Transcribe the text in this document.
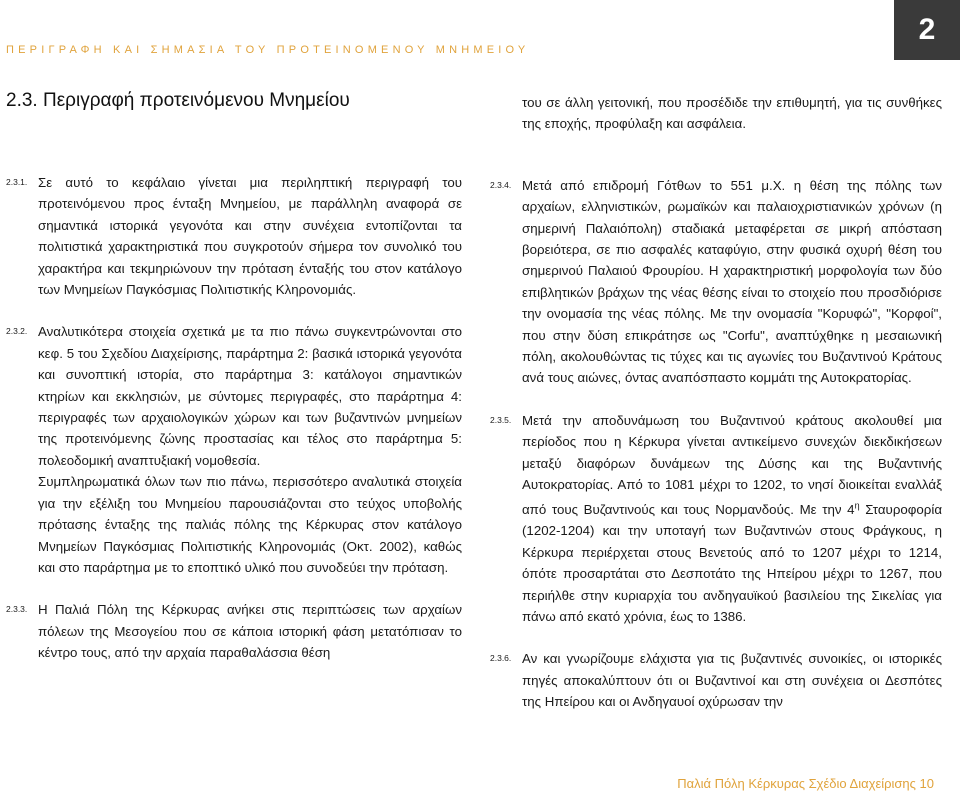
ΠΕΡΙΓΡΑΦΗ ΚΑΙ ΣΗΜΑΣΙΑ ΤΟΥ ΠΡΟΤΕΙΝΟΜΕΝΟΥ ΜΝΗΜΕΙΟΥ
2
2.3. Περιγραφή προτεινόμενου Μνημείου
2.3.1. Σε αυτό το κεφάλαιο γίνεται μια περιληπτική περιγραφή του προτεινόμενου προς ένταξη Μνημείου, με παράλληλη αναφορά σε σημαντικά ιστορικά γεγονότα και στην συνέχεια εντοπίζονται τα πολιτιστικά χαρακτηριστικά που συγκροτούν σήμερα τον συνολικό του χαρακτήρα και τεκμηριώνουν την πρόταση ένταξής του στον κατάλογο των Μνημείων Παγκόσμιας Πολιτιστικής Κληρονομιάς.
2.3.2. Αναλυτικότερα στοιχεία σχετικά με τα πιο πάνω συγκεντρώνονται στο κεφ. 5 του Σχεδίου Διαχείρισης, παράρτημα 2: βασικά ιστορικά γεγονότα και συνοπτική ιστορία, στο παράρτημα 3: κατάλογοι σημαντικών κτηρίων και εκκλησιών, με σύντομες περιγραφές, στο παράρτημα 4: περιγραφές των αρχαιολογικών χώρων και των βυζαντινών μνημείων της προτεινόμενης ζώνης προστασίας και τέλος στο παράρτημα 5: πολεοδομική αναπτυξιακή νομοθεσία.
Συμπληρωματικά όλων των πιο πάνω, περισσότερο αναλυτικά στοιχεία για την εξέλιξη του Μνημείου παρουσιάζονται στο τεύχος υποβολής πρότασης ένταξης της παλιάς πόλης της Κέρκυρας στον κατάλογο Μνημείων Παγκόσμιας Πολιτιστικής Κληρονομιάς (Οκτ. 2002), καθώς και στο παράρτημα με το εποπτικό υλικό που συνοδεύει την πρόταση.
2.3.3. Η Παλιά Πόλη της Κέρκυρας ανήκει στις περιπτώσεις των αρχαίων πόλεων της Μεσογείου που σε κάποια ιστορική φάση μετατόπισαν το κέντρο τους, από την αρχαία παραθαλάσσια θέση
του σε άλλη γειτονική, που προσέδιδε την επιθυμητή, για τις συνθήκες της εποχής, προφύλαξη και ασφάλεια.
2.3.4. Μετά από επιδρομή Γότθων το 551 μ.Χ. η θέση της πόλης των αρχαίων, ελληνιστικών, ρωμαϊκών και παλαιοχριστιανικών χρόνων (η σημερινή Παλαιόπολη) σταδιακά μεταφέρεται σε μικρή απόσταση βορειότερα, σε πιο ασφαλές καταφύγιο, στην φυσικά οχυρή θέση του σημερινού Παλαιού Φρουρίου. Η χαρακτηριστική μορφολογία των δύο επιβλητικών βράχων της νέας θέσης είναι το στοιχείο που προσδιόρισε την ονομασία της νέας πόλης. Με την ονομασία "Κορυφώ", "Κορφοί", που στην δύση επικράτησε ως "Corfu", αναπτύχθηκε η μεσαιωνική πόλη, ακολουθώντας τις τύχες και τις αγωνίες του Βυζαντινού Κράτους ανά τους αιώνες, όντας αναπόσπαστο κομμάτι της Αυτοκρατορίας.
2.3.5. Μετά την αποδυνάμωση του Βυζαντινού κράτους ακολουθεί μια περίοδος που η Κέρκυρα γίνεται αντικείμενο συνεχών διεκδικήσεων μεταξύ διαφόρων δυνάμεων της Δύσης και της Βυζαντινής Αυτοκρατορίας. Από το 1081 μέχρι το 1202, το νησί διοικείται εναλλάξ από τους Βυζαντινούς και τους Νορμανδούς. Με την $4^\eta$ Σταυροφορία (1202-1204) και την υποταγή των Βυζαντινών στους Φράγκους, η Κέρκυρα περιέρχεται στους Βενετούς από το 1207 μέχρι το 1214, όπότε προσαρτάται στο Δεσποτάτο της Ηπείρου μέχρι το 1267, που περιήλθε στην κυριαρχία του ανδηγαυϊκού βασιλείου της Σικελίας για πάνω από εκατό χρόνια, έως το 1386.
2.3.6. Αν και γνωρίζουμε ελάχιστα για τις βυζαντινές συνοικίες, οι ιστορικές πηγές αποκαλύπτουν ότι οι Βυζαντινοί και στη συνέχεια οι Δεσπότες της Ηπείρου και οι Ανδηγαυοί οχύρωσαν την
Παλιά Πόλη Κέρκυρας Σχέδιο Διαχείρισης 10
